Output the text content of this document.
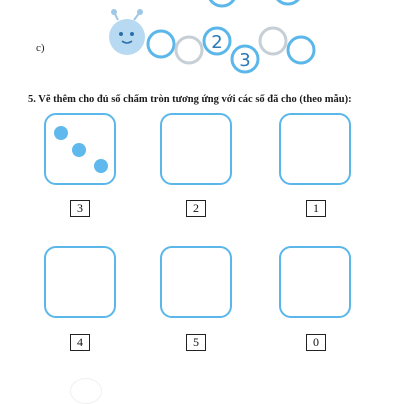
c)	2
3
5. Vẽ thêm cho đủ số chấm tròn tương ứng với các số đã cho (theo mẫu):
3	2	1
4	5	0
